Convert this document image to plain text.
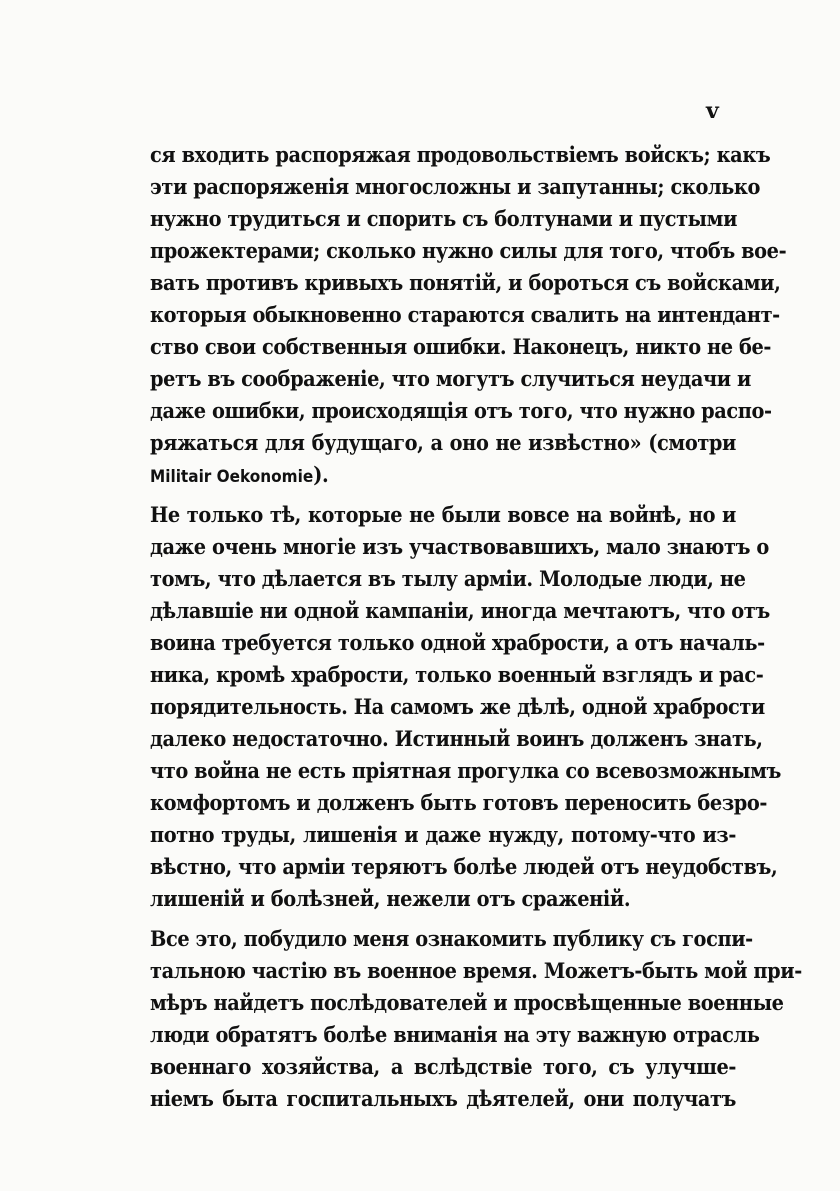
v
ся входить распоряжая продовольствіемъ войскъ; какъ
эти распоряженія многосложны и запутанны; сколько
нужно трудиться и спорить съ болтунами и пустыми
прожектерами; сколько нужно силы для того, чтобъ вое-
вать противъ кривыхъ понятій, и бороться съ войсками,
которыя обыкновенно стараются свалить на интендант-
ство свои собственныя ошибки. Наконецъ, никто не бе-
ретъ въ соображеніе, что могутъ случиться неудачи и
даже ошибки, происходящія отъ того, что нужно распо-
ряжаться для будущаго, а оно не извѣстно» (смотри
Militair Oekonomie).
Не только тѣ, которые не были вовсе на войнѣ, но и
даже очень многіе изъ участвовавшихъ, мало знаютъ о
томъ, что дѣлается въ тылу арміи. Молодые люди, не
дѣлавшіе ни одной кампаніи, иногда мечтаютъ, что отъ
воина требуется только одной храбрости, а отъ началь-
ника, кромѣ храбрости, только военный взглядъ и рас-
порядительность. На самомъ же дѣлѣ, одной храбрости
далеко недостаточно. Истинный воинъ долженъ знать,
что война не есть пріятная прогулка со всевозможнымъ
комфортомъ и долженъ быть готовъ переносить безро-
потно труды, лишенія и даже нужду, потому-что из-
вѣстно, что арміи теряютъ болѣе людей отъ неудобствъ,
лишеній и болѣзней, нежели отъ сраженій.
Все это, побудило меня ознакомить публику съ госпи-
тальною частію въ военное время. Можетъ-быть мой при-
мѣръ найдетъ послѣдователей и просвѣщенные военные
люди обратятъ болѣе вниманія на эту важную отрасль
военнаго хозяйства, а вслѣдствіе того, съ улучше-
ніемъ быта госпитальныхъ дѣятелей, они получатъ
